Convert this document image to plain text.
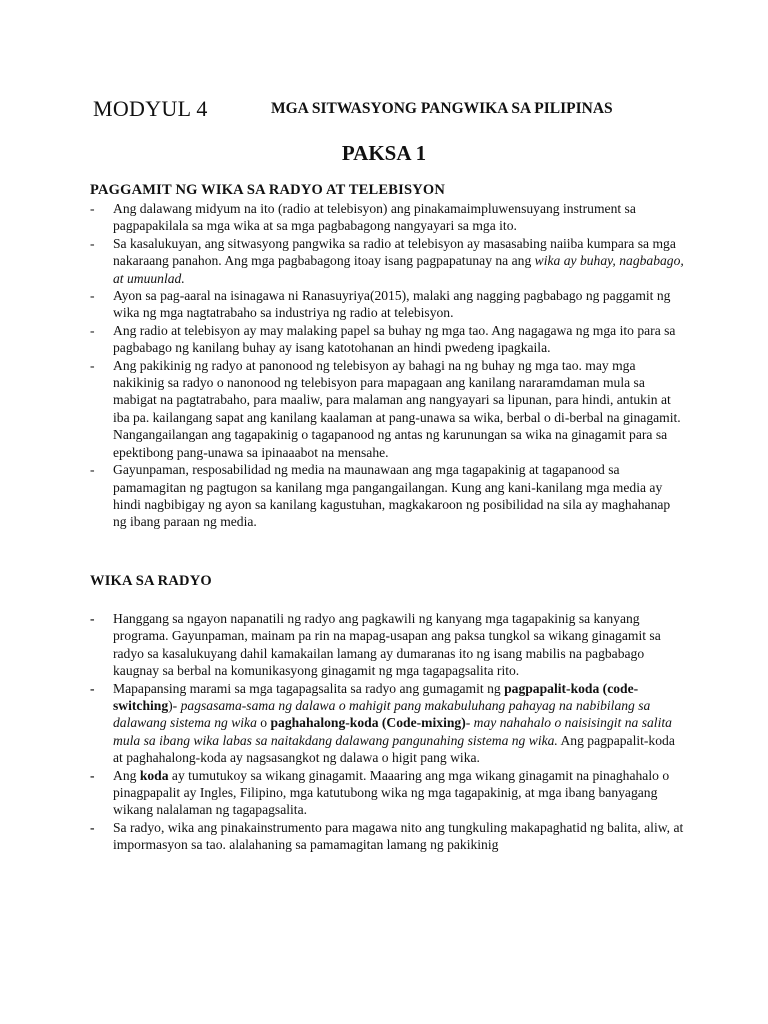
MODYUL 4	MGA SITWASYONG PANGWIKA SA PILIPINAS
PAKSA 1
PAGGAMIT NG WIKA SA RADYO AT TELEBISYON
- Ang dalawang midyum na ito (radio at telebisyon) ang pinakamaimpluwensuyang instrument sa pagpapakilala sa mga wika at sa mga pagbabagong nangyayari sa mga ito.
- Sa kasalukuyan, ang sitwasyong pangwika sa radio at telebisyon ay masasabing naiiba kumpara sa mga nakaraang panahon. Ang mga pagbabagong itoay isang pagpapatunay na ang wika ay buhay, nagbabago, at umuunlad.
- Ayon sa pag-aaral na isinagawa ni Ranasuyriya(2015), malaki ang nagging pagbabago ng paggamit ng wika ng mga nagtatrabaho sa industriya ng radio at telebisyon.
- Ang radio at telebisyon ay may malaking papel sa buhay ng mga tao. Ang nagagawa ng mga ito para sa pagbabago ng kanilang buhay ay isang katotohanan an hindi pwedeng ipagkaila.
- Ang pakikinig ng radyo at panonood ng telebisyon ay bahagi na ng buhay ng mga tao. may mga nakikinig sa radyo o nanonood ng telebisyon para mapagaan ang kanilang nararamdaman mula sa mabigat na pagtatrabaho, para maaliw, para malaman ang nangyayari sa lipunan, para hindi, antukin at iba pa. kailangang sapat ang kanilang kaalaman at pang-unawa sa wika, berbal o di-berbal na ginagamit. Nangangailangan ang tagapakinig o tagapanood ng antas ng karunungan sa wika na ginagamit para sa epektibong pang-unawa sa ipinaaabot na mensahe.
- Gayunpaman, resposabilidad ng media na maunawaan ang mga tagapakinig at tagapanood sa pamamagitan ng pagtugon sa kanilang mga pangangailangan. Kung ang kani-kanilang mga media ay hindi nagbibigay ng ayon sa kanilang kagustuhan, magkakaroon ng posibilidad na sila ay maghahanap ng ibang paraan ng media.
WIKA SA RADYO
- Hanggang sa ngayon napanatili ng radyo ang pagkawili ng kanyang mga tagapakinig sa kanyang programa. Gayunpaman, mainam pa rin na mapag-usapan ang paksa tungkol sa wikang ginagamit sa radyo sa kasalukuyang dahil kamakailan lamang ay dumaranas ito ng isang mabilis na pagbabago kaugnay sa berbal na komunikasyong ginagamit ng mga tagapagsalita rito.
- Mapapansing marami sa mga tagapagsalita sa radyo ang gumagamit ng pagpapalit-koda (code-switching)- pagsasama-sama ng dalawa o mahigit pang makabuluhang pahayag na nabibilang sa dalawang sistema ng wika o paghahalong-koda (Code-mixing)- may nahahalo o naisisingit na salita mula sa ibang wika labas sa naitakdang dalawang pangunahing sistema ng wika. Ang pagpapalit-koda at paghahalong-koda ay nagsasangkot ng dalawa o higit pang wika.
- Ang koda ay tumutukoy sa wikang ginagamit. Maaaring ang mga wikang ginagamit na pinaghahalo o pinagpapalit ay Ingles, Filipino, mga katutubong wika ng mga tagapakinig, at mga ibang banyagang wikang nalalaman ng tagapagsalita.
- Sa radyo, wika ang pinakainstrumento para magawa nito ang tungkuling makapaghatid ng balita, aliw, at impormasyon sa tao. alalahaning sa pamamagitan lamang ng pakikinig
